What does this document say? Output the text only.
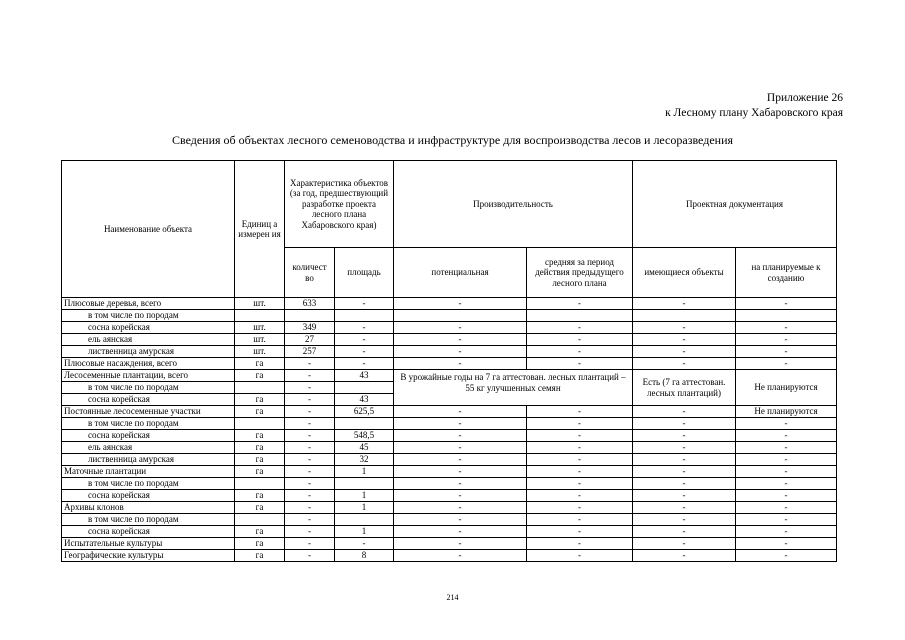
Приложение 26
к Лесному плану Хабаровского края
Сведения об объектах лесного семеноводства и инфраструктуре для воспроизводства лесов и лесоразведения
Наименование объекта	Единиц а измерен ия	Характеристика объектов (за год, предшествующий разработке проекта лесного плана Хабаровского края)		Производительность		Проектная документация	
		количест во	площадь	потенциальная	средняя за период действия предыдущего лесного плана	имеющиеся объекты	на планируемые к созданию
Плюсовые деревья, всего	шт.	633	-	-	-	-	-
в том числе по породам							
сосна корейская	шт.	349	-	-	-	-	-
ель аянская	шт.	27	-	-	-	-	-
лиственница амурская	шт.	257	-	-	-	-	-
Плюсовые насаждения, всего	га	-	-	-	-	-	-
Лесосеменные плантации, всего	га	-	43	В урожайные годы на 7 га аттестован. лесных плантаций – 55 кг улучшенных семян		Есть (7 га аттестован. лесных плантаций)	Не планируются
в том числе по породам		-					
сосна корейская	га	-	43				
Постоянные лесосеменные участки	га	-	625,5	-	-	-	Не планируются
в том числе по породам		-		-	-	-	-
сосна корейская	га	-	548,5	-	-	-	-
ель аянская	га	-	45	-	-	-	-
лиственница амурская	га	-	32	-	-	-	-
Маточные плантации	га	-	1	-	-	-	-
в том числе по породам		-		-	-	-	-
сосна корейская	га	-	1	-	-	-	-
Архивы клонов	га	-	1	-	-	-	-
в том числе по породам		-		-	-	-	-
сосна корейская	га	-	1	-	-	-	-
Испытательные культуры	га	-	-	-	-	-	-
Географические культуры	га	-	8	-	-	-	-
214
